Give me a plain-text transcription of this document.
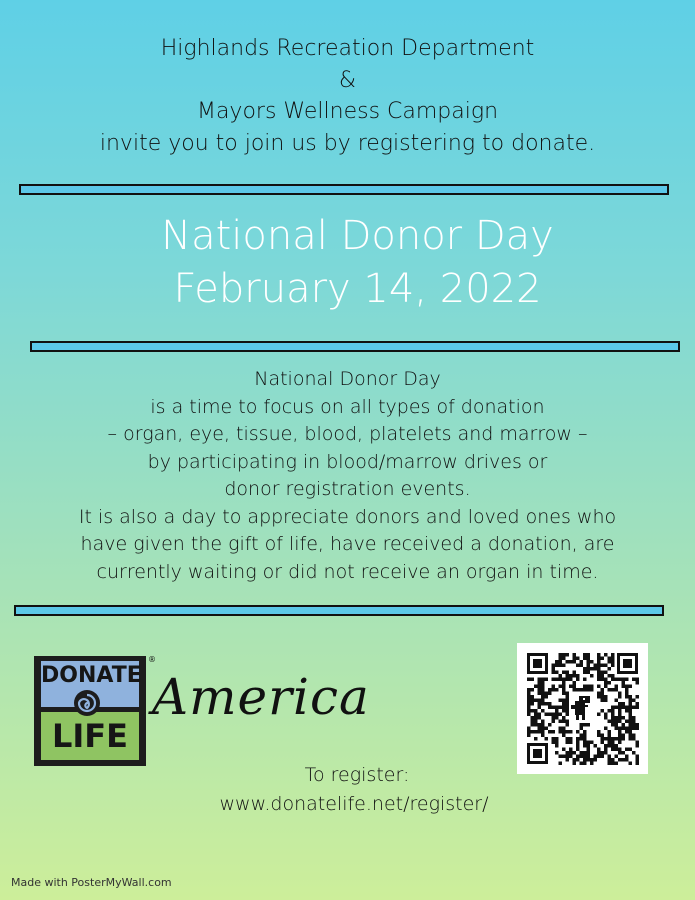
Highlands Recreation Department
&
Mayors Wellness Campaign
invite you to join us by registering to donate.
National Donor Day
February 14, 2022
National Donor Day
is a time to focus on all types of donation
– organ, eye, tissue, blood, platelets and marrow –
by participating in blood/marrow drives or
donor registration events.
It is also a day to appreciate donors and loved ones who
have given the gift of life, have received a donation, are
currently waiting or did not receive an organ in time.
DONATE
LIFE
®
America
To register:
www.donatelife.net/register/
Made with PosterMyWall.com
